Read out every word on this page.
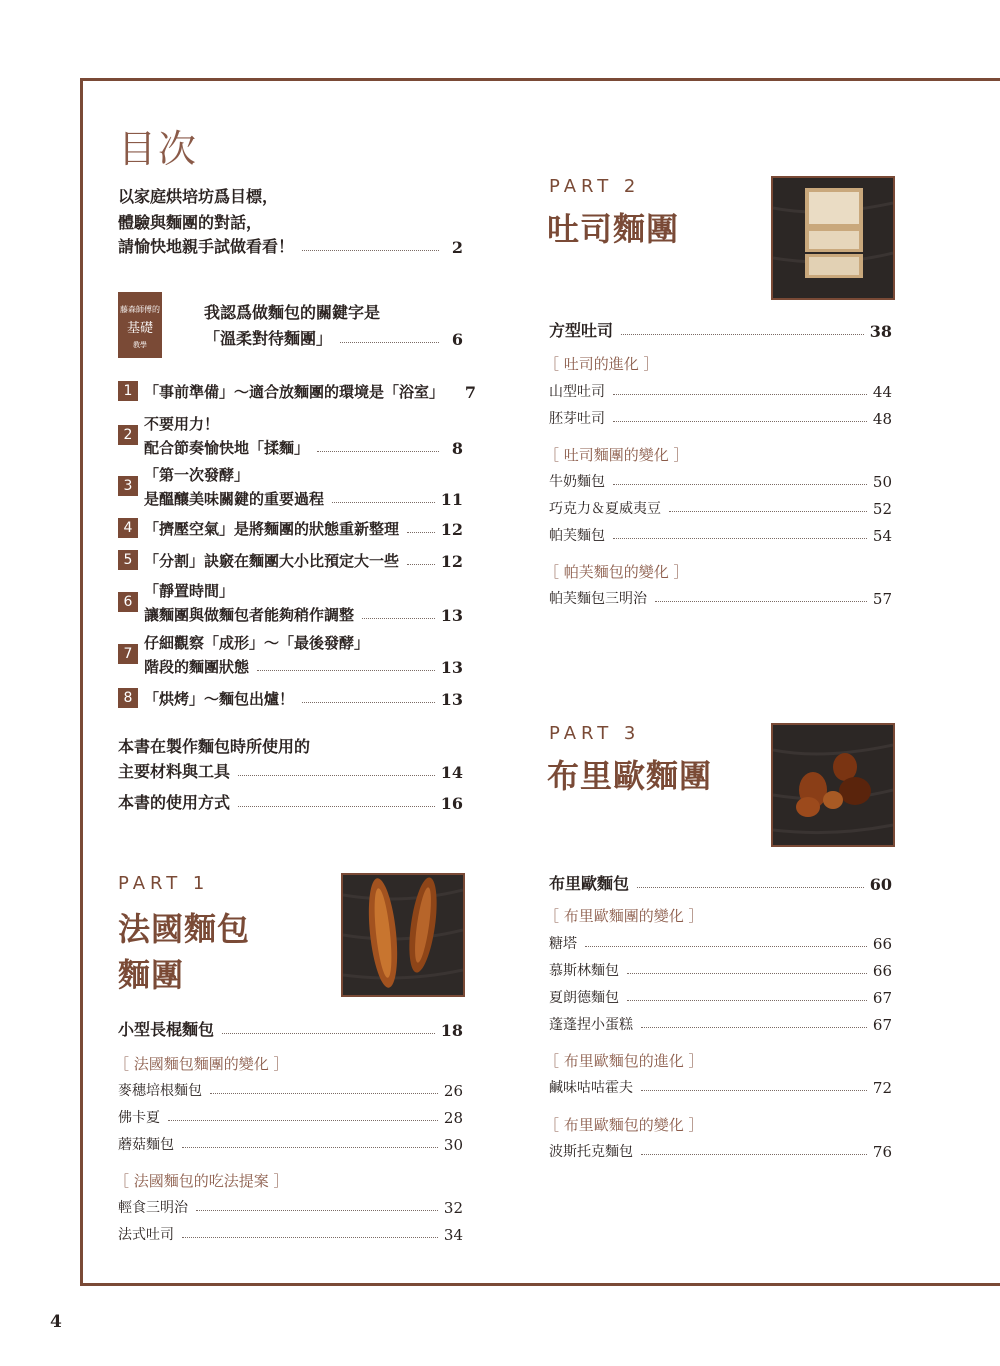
4
目次
以家庭烘培坊爲目標，
體驗與麵團的對話，
請愉快地親手試做看看！	2
藤森師傅的
基礎
教學
我認爲做麵包的關鍵字是
「溫柔對待麵團」	6
1 「事前準備」〜適合放麵團的環境是「浴室」	7
2
不要用力！
配合節奏愉快地「揉麵」	8
3
「第一次發酵」
是醞釀美味關鍵的重要過程	11
4 「擠壓空氣」是將麵團的狀態重新整理	12
5 「分割」訣竅在麵團大小比預定大一些	12
6
「靜置時間」
讓麵團與做麵包者能夠稍作調整	13
7
仔細觀察「成形」〜「最後發酵」
階段的麵團狀態	13
8 「烘烤」〜麵包出爐！	13
本書在製作麵包時所使用的
主要材料與工具	14
本書的使用方式	16
PART 1
法國麵包
麵團
小型長棍麵包	18
［ 法國麵包麵團的變化 ］
麥穗培根麵包	26
佛卡夏	28
蘑菇麵包	30
［ 法國麵包的吃法提案 ］
輕食三明治	32
法式吐司	34
PART 2
吐司麵團
方型吐司	38
［ 吐司的進化 ］
山型吐司	44
胚芽吐司	48
［ 吐司麵團的變化 ］
牛奶麵包	50
巧克力＆夏威夷豆	52
帕芙麵包	54
［ 帕芙麵包的變化 ］
帕芙麵包三明治	57
PART 3
布里歐麵團
布里歐麵包	60
［ 布里歐麵團的變化 ］
糖塔	66
慕斯林麵包	66
夏朗德麵包	67
蓬蓬捏小蛋糕	67
［ 布里歐麵包的進化 ］
鹹味咕咕霍夫	72
［ 布里歐麵包的變化 ］
波斯托克麵包	76
